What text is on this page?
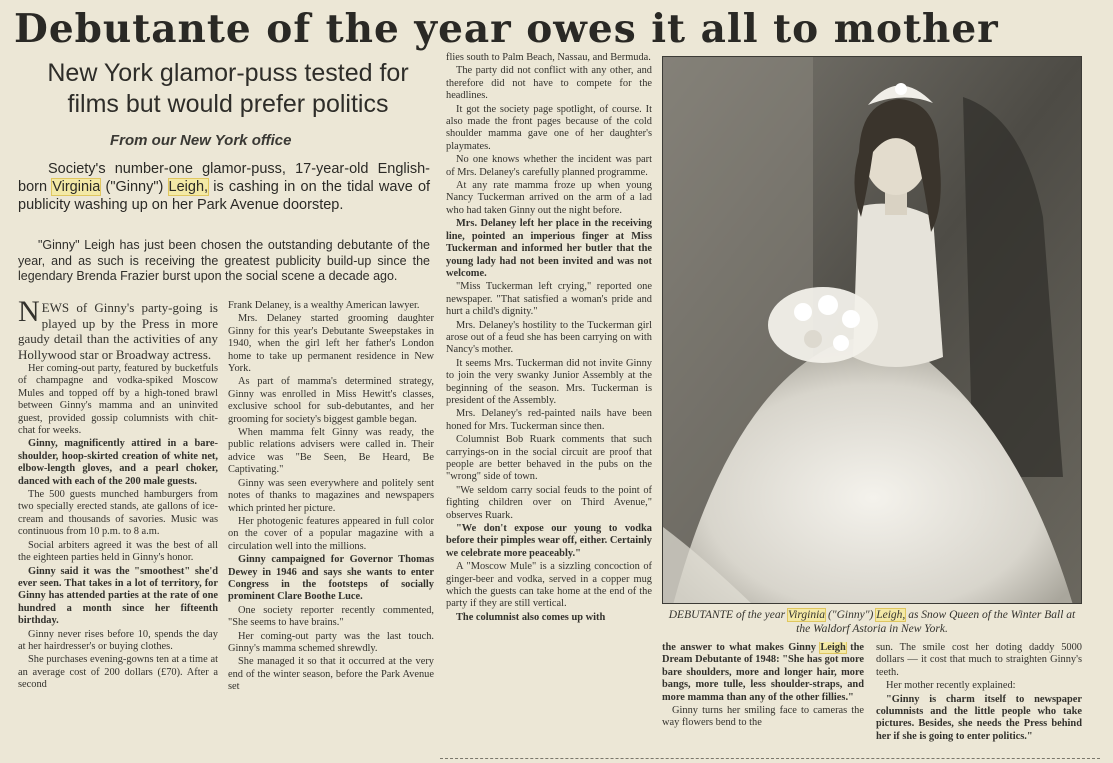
Debutante of the year owes it all to mother
New York glamor-puss tested for
films but would prefer politics
From our New York office

Society's number-one glamor-puss, 17-year-old English-born Virginia ("Ginny") Leigh, is cashing in on the tidal wave of publicity washing up on her Park Avenue doorstep.

"Ginny" Leigh has just been chosen the outstanding debutante of the year, and as such is receiving the greatest publicity build-up since the legendary Brenda Frazier burst upon the social scene a decade ago.

NEWS of Ginny's party-going is played up by the Press in more gaudy detail than the activities of any Hollywood star or Broadway actress.

Her coming-out party, featured by bucketfuls of champagne and vodka-spiked Moscow Mules and topped off by a high-toned brawl between Ginny's mamma and an uninvited guest, provided gossip columnists with chit-chat for weeks.

Ginny, magnificently attired in a bare-shoulder, hoop-skirted creation of white net, elbow-length gloves, and a pearl choker, danced with each of the 200 male guests.

The 500 guests munched hamburgers from two specially erected stands, ate gallons of ice-cream and thousands of savories. Music was continuous from 10 p.m. to 8 a.m.

Social arbiters agreed it was the best of all the eighteen parties held in Ginny's honor.

Ginny said it was the "smoothest" she'd ever seen. That takes in a lot of territory, for Ginny has attended parties at the rate of one hundred a month since her fifteenth birthday.

Ginny never rises before 10, spends the day at her hairdresser's or buying clothes.

She purchases evening-gowns ten at a time at an average cost of 200 dollars (£70). After a second

Frank Delaney, is a wealthy American lawyer.

Mrs. Delaney started grooming daughter Ginny for this year's Debutante Sweepstakes in 1940, when the girl left her father's London home to take up permanent residence in New York.

As part of mamma's determined strategy, Ginny was enrolled in Miss Hewitt's classes, exclusive school for sub-debutantes, and her grooming for society's biggest gamble began.

When mamma felt Ginny was ready, the public relations advisers were called in. Their advice was "Be Seen, Be Heard, Be Captivating."

Ginny was seen everywhere and politely sent notes of thanks to magazines and newspapers which printed her picture.

Her photogenic features appeared in full color on the cover of a popular magazine with a circulation well into the millions.

Ginny campaigned for Governor Thomas Dewey in 1946 and says she wants to enter Congress in the footsteps of socially prominent Clare Boothe Luce.

One society reporter recently commented, "She seems to have brains."

Her coming-out party was the last touch. Ginny's mamma schemed shrewdly.

She managed it so that it occurred at the very end of the winter season, before the Park Avenue set

flies south to Palm Beach, Nassau, and Bermuda.

The party did not conflict with any other, and therefore did not have to compete for the headlines.

It got the society page spotlight, of course. It also made the front pages because of the cold shoulder mamma gave one of her daughter's playmates.

No one knows whether the incident was part of Mrs. Delaney's carefully planned programme.

At any rate mamma froze up when young Nancy Tuckerman arrived on the arm of a lad who had taken Ginny out the night before.

Mrs. Delaney left her place in the receiving line, pointed an imperious finger at Miss Tuckerman and informed her butler that the young lady had not been invited and was not welcome.

"Miss Tuckerman left crying," reported one newspaper. "That satisfied a woman's pride and hurt a child's dignity."

Mrs. Delaney's hostility to the Tuckerman girl arose out of a feud she has been carrying on with Nancy's mother.

It seems Mrs. Tuckerman did not invite Ginny to join the very swanky Junior Assembly at the beginning of the season. Mrs. Tuckerman is president of the Assembly.

Mrs. Delaney's red-painted nails have been honed for Mrs. Tuckerman since then.

Columnist Bob Ruark comments that such carryings-on in the social circuit are proof that people are better behaved in the pubs on the "wrong" side of town.

"We seldom carry social feuds to the point of fighting children over on Third Avenue," observes Ruark.

"We don't expose our young to vodka before their pimples wear off, either. Certainly we celebrate more peaceably."

A "Moscow Mule" is a sizzling concoction of ginger-beer and vodka, served in a copper mug which the guests can take home at the end of the party if they are still vertical.

The columnist also comes up with	DEBUTANTE of the year Virginia ("Ginny") Leigh, as Snow Queen of the Winter Ball at the Waldorf Astoria in New York.

the answer to what makes Ginny Leigh the Dream Debutante of 1948: "She has got more bare shoulders, more and longer hair, more bangs, more tulle, less shoulder-straps, and more mamma than any of the other fillies."

Ginny turns her smiling face to cameras the way flowers bend to the

sun. The smile cost her doting daddy 5000 dollars — it cost that much to straighten Ginny's teeth.

Her mother recently explained:

"Ginny is charm itself to newspaper columnists and the little people who take pictures. Besides, she needs the Press behind her if she is going to enter politics."
